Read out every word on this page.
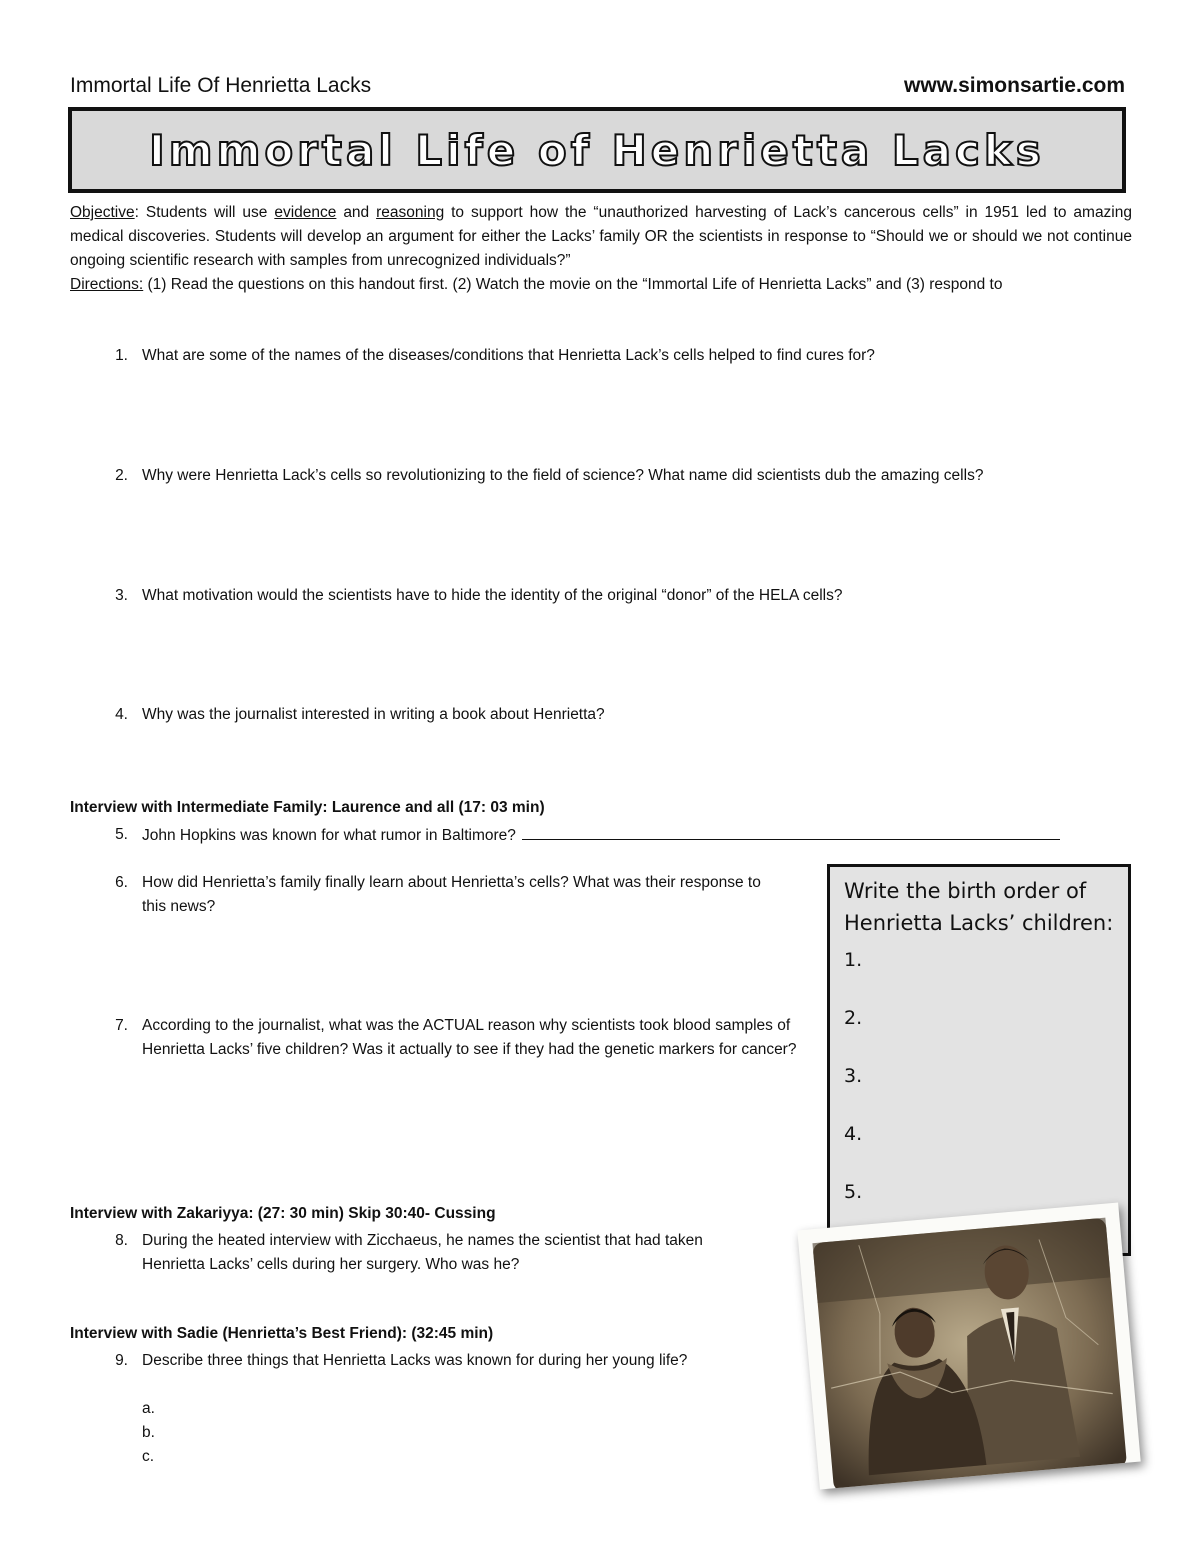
Immortal Life Of Henrietta Lacks	www.simonsartie.com
Immortal Life of Henrietta Lacks
Objective: Students will use evidence and reasoning to support how the “unauthorized harvesting of Lack’s cancerous cells” in 1951 led to amazing medical discoveries. Students will develop an argument for either the Lacks’ family OR the scientists in response to “Should we or should we not continue ongoing scientific research with samples from unrecognized individuals?”
Directions: (1) Read the questions on this handout first. (2) Watch the movie on the “Immortal Life of Henrietta Lacks” and (3) respond to
1. What are some of the names of the diseases/conditions that Henrietta Lack’s cells helped to find cures for?
2. Why were Henrietta Lack’s cells so revolutionizing to the field of science? What name did scientists dub the amazing cells?
3. What motivation would the scientists have to hide the identity of the original “donor” of the HELA cells?
4. Why was the journalist interested in writing a book about Henrietta?
Interview with Intermediate Family: Laurence and all (17: 03 min)
5. John Hopkins was known for what rumor in Baltimore?
6. How did Henrietta’s family finally learn about Henrietta’s cells? What was their response to this news?
7. According to the journalist, what was the ACTUAL reason why scientists took blood samples of Henrietta Lacks’ five children? Was it actually to see if they had the genetic markers for cancer?
Interview with Zakariyya: (27: 30 min) Skip 30:40- Cussing
8. During the heated interview with Zicchaeus, he names the scientist that had taken Henrietta Lacks’ cells during her surgery. Who was he?
Interview with Sadie (Henrietta’s Best Friend): (32:45 min)
9. Describe three things that Henrietta Lacks was known for during her young life?
a.
b.
c.
Write the birth order of Henrietta Lacks’ children:
1.
2.
3.
4.
5.
